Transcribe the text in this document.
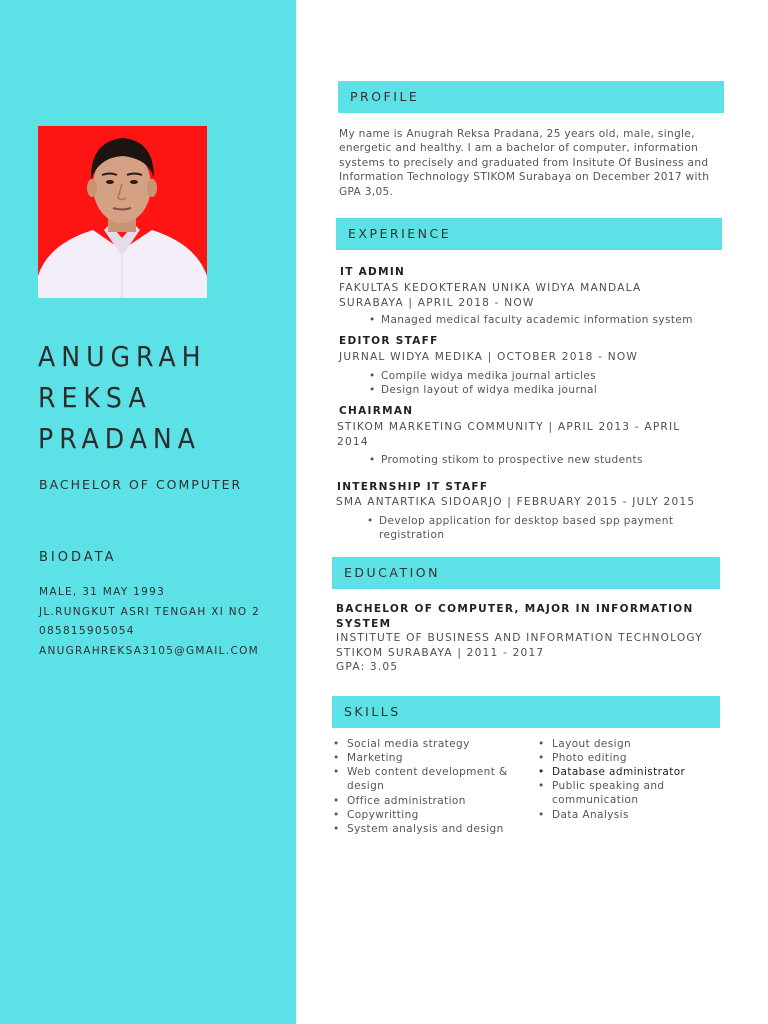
ANUGRAH
REKSA
PRADANA
BACHELOR OF COMPUTER
BIODATA
MALE, 31 MAY 1993
JL.RUNGKUT ASRI TENGAH XI NO 2
085815905054
ANUGRAHREKSA3105@GMAIL.COM
PROFILE
My name is Anugrah Reksa Pradana, 25 years old, male, single, energetic and healthy. I am a bachelor of computer, information systems to precisely and graduated from Insitute Of Business and Information Technology STIKOM Surabaya on December 2017 with GPA 3,05.
EXPERIENCE
IT ADMIN
FAKULTAS KEDOKTERAN UNIKA WIDYA MANDALA SURABAYA | APRIL 2018 - NOW
• Managed medical faculty academic information system
EDITOR STAFF
JURNAL WIDYA MEDIKA | OCTOBER 2018 - NOW
• Compile widya medika journal articles
• Design layout of widya medika journal
CHAIRMAN
STIKOM MARKETING COMMUNITY | APRIL 2013 - APRIL 2014
• Promoting stikom to prospective new students
INTERNSHIP IT STAFF
SMA ANTARTIKA SIDOARJO | FEBRUARY 2015 - JULY 2015
• Develop application for desktop based spp payment registration
EDUCATION
BACHELOR OF COMPUTER, MAJOR IN INFORMATION SYSTEM
INSTITUTE OF BUSINESS AND INFORMATION TECHNOLOGY STIKOM SURABAYA | 2011 - 2017
GPA: 3.05
SKILLS
• Social media strategy
• Marketing
• Web content development & design
• Office administration
• Copywritting
• System analysis and design
• Layout design
• Photo editing
• Database administrator
• Public speaking and communication
• Data Analysis
